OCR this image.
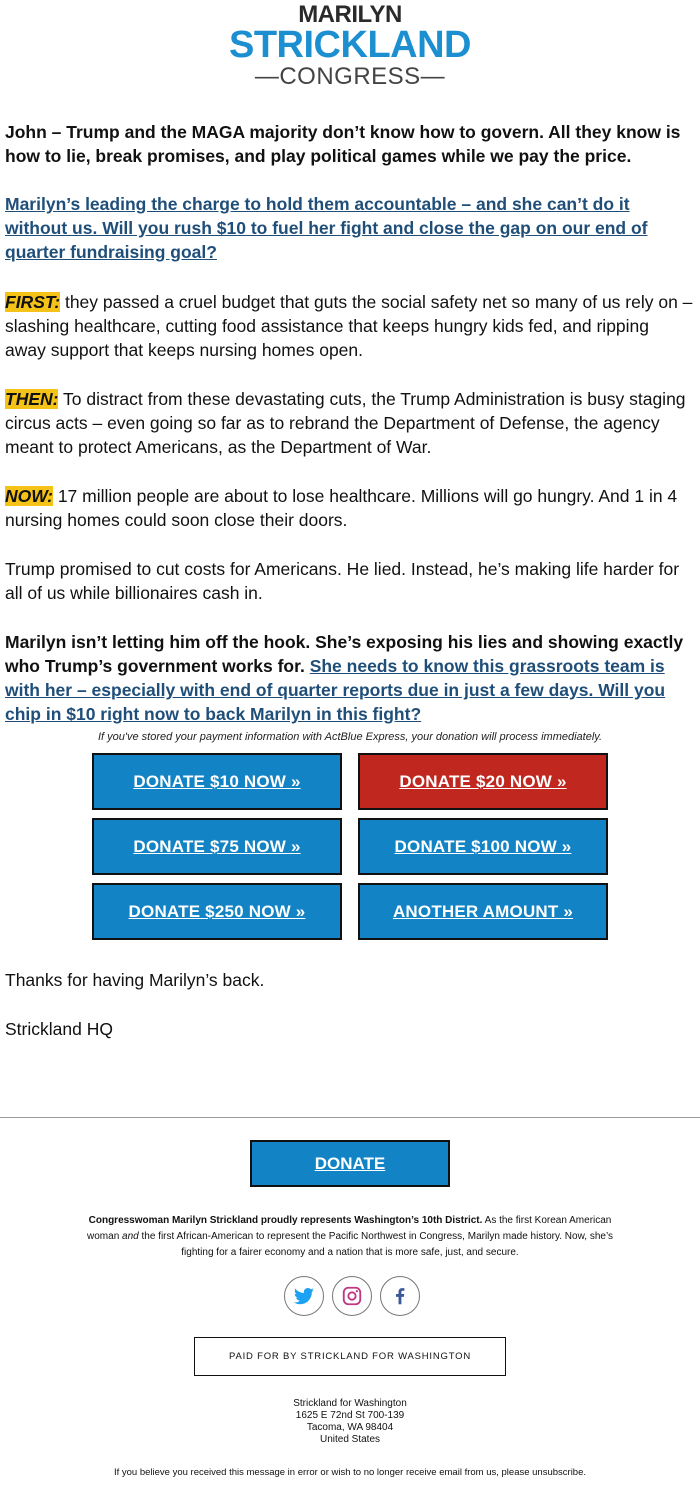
MARILYN
STRICKLAND
—CONGRESS—

John – Trump and the MAGA majority don’t know how to govern. All they know is how to lie, break promises, and play political games while we pay the price.

Marilyn’s leading the charge to hold them accountable – and she can’t do it without us. Will you rush $10 to fuel her fight and close the gap on our end of quarter fundraising goal?

FIRST: they passed a cruel budget that guts the social safety net so many of us rely on – slashing healthcare, cutting food assistance that keeps hungry kids fed, and ripping away support that keeps nursing homes open.

THEN: To distract from these devastating cuts, the Trump Administration is busy staging circus acts – even going so far as to rebrand the Department of Defense, the agency meant to protect Americans, as the Department of War.

NOW: 17 million people are about to lose healthcare. Millions will go hungry. And 1 in 4 nursing homes could soon close their doors.

Trump promised to cut costs for Americans. He lied. Instead, he’s making life harder for all of us while billionaires cash in.

Marilyn isn’t letting him off the hook. She’s exposing his lies and showing exactly who Trump’s government works for. She needs to know this grassroots team is with her – especially with end of quarter reports due in just a few days. Will you chip in $10 right now to back Marilyn in this fight?

If you've stored your payment information with ActBlue Express, your donation will process immediately.
DONATE $10 NOW »	DONATE $20 NOW »
DONATE $75 NOW »	DONATE $100 NOW »
DONATE $250 NOW »	ANOTHER AMOUNT »

Thanks for having Marilyn’s back.

Strickland HQ

DONATE

Congresswoman Marilyn Strickland proudly represents Washington’s 10th District. As the first Korean American woman and the first African-American to represent the Pacific Northwest in Congress, Marilyn made history. Now, she’s fighting for a fairer economy and a nation that is more safe, just, and secure.

PAID FOR BY STRICKLAND FOR WASHINGTON
Strickland for Washington
1625 E 72nd St 700-139
Tacoma, WA 98404
United States
If you believe you received this message in error or wish to no longer receive email from us, please unsubscribe.
